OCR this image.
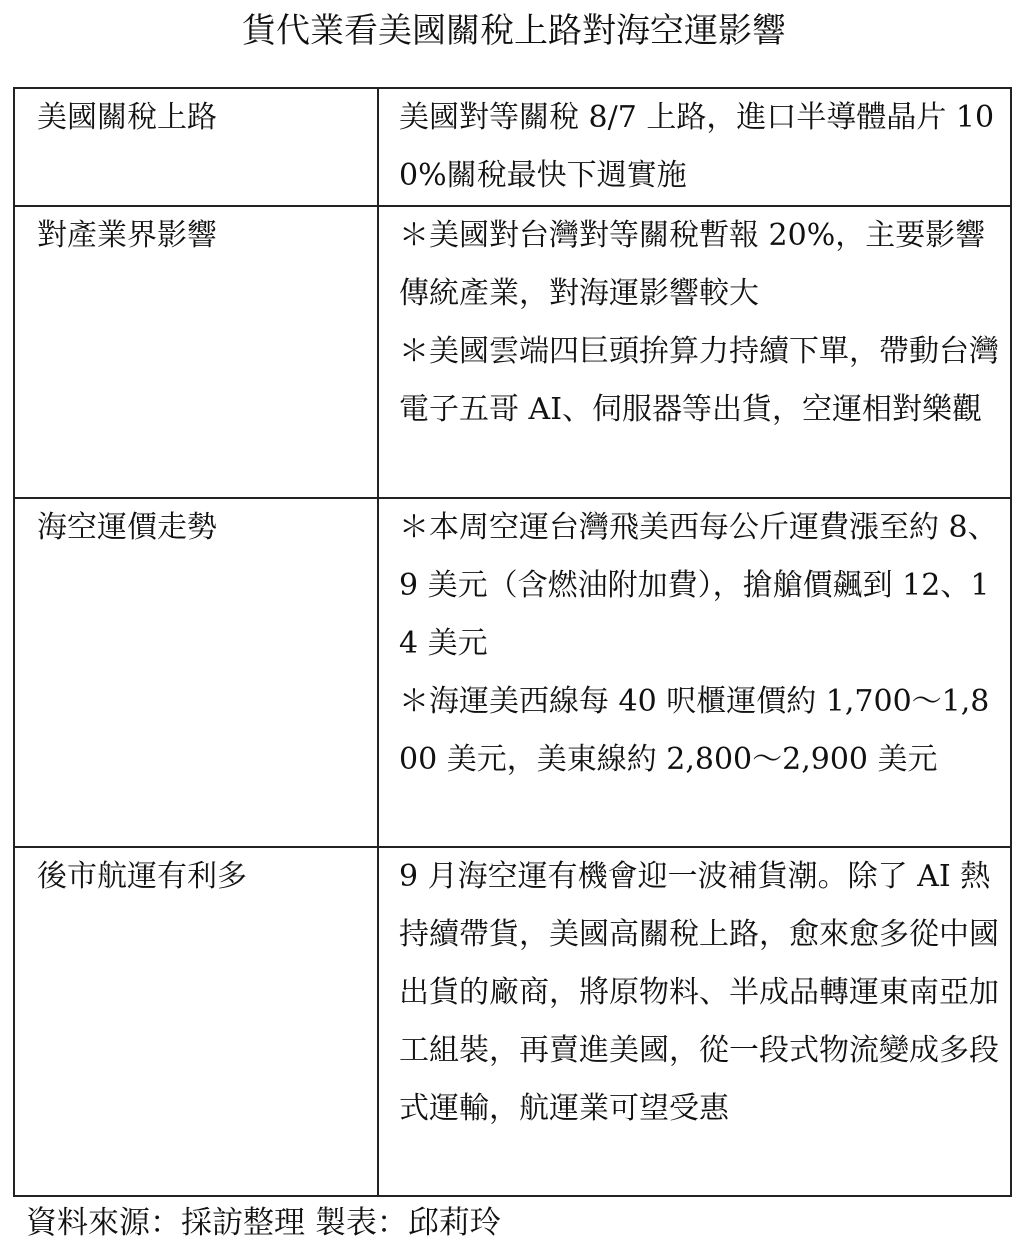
貨代業看美國關稅上路對海空運影響
美國關稅上路	美國對等關稅 8/7 上路，進口半導體晶片 100%關稅最快下週實施

對產業界影響	＊美國對台灣對等關稅暫報 20%，主要影響傳統產業，對海運影響較大
＊美國雲端四巨頭拚算力持續下單，帶動台灣電子五哥 AI、伺服器等出貨，空運相對樂觀

海空運價走勢	＊本周空運台灣飛美西每公斤運費漲至約 8、9 美元（含燃油附加費），搶艙價飆到 12、14 美元
＊海運美西線每 40 呎櫃運價約 1,700～1,800 美元，美東線約 2,800～2,900 美元

後市航運有利多	9 月海空運有機會迎一波補貨潮。除了 AI 熱持續帶貨，美國高關稅上路，愈來愈多從中國出貨的廠商，將原物料、半成品轉運東南亞加工組裝，再賣進美國，從一段式物流變成多段式運輸，航運業可望受惠
資料來源：採訪整理 製表：邱莉玲
